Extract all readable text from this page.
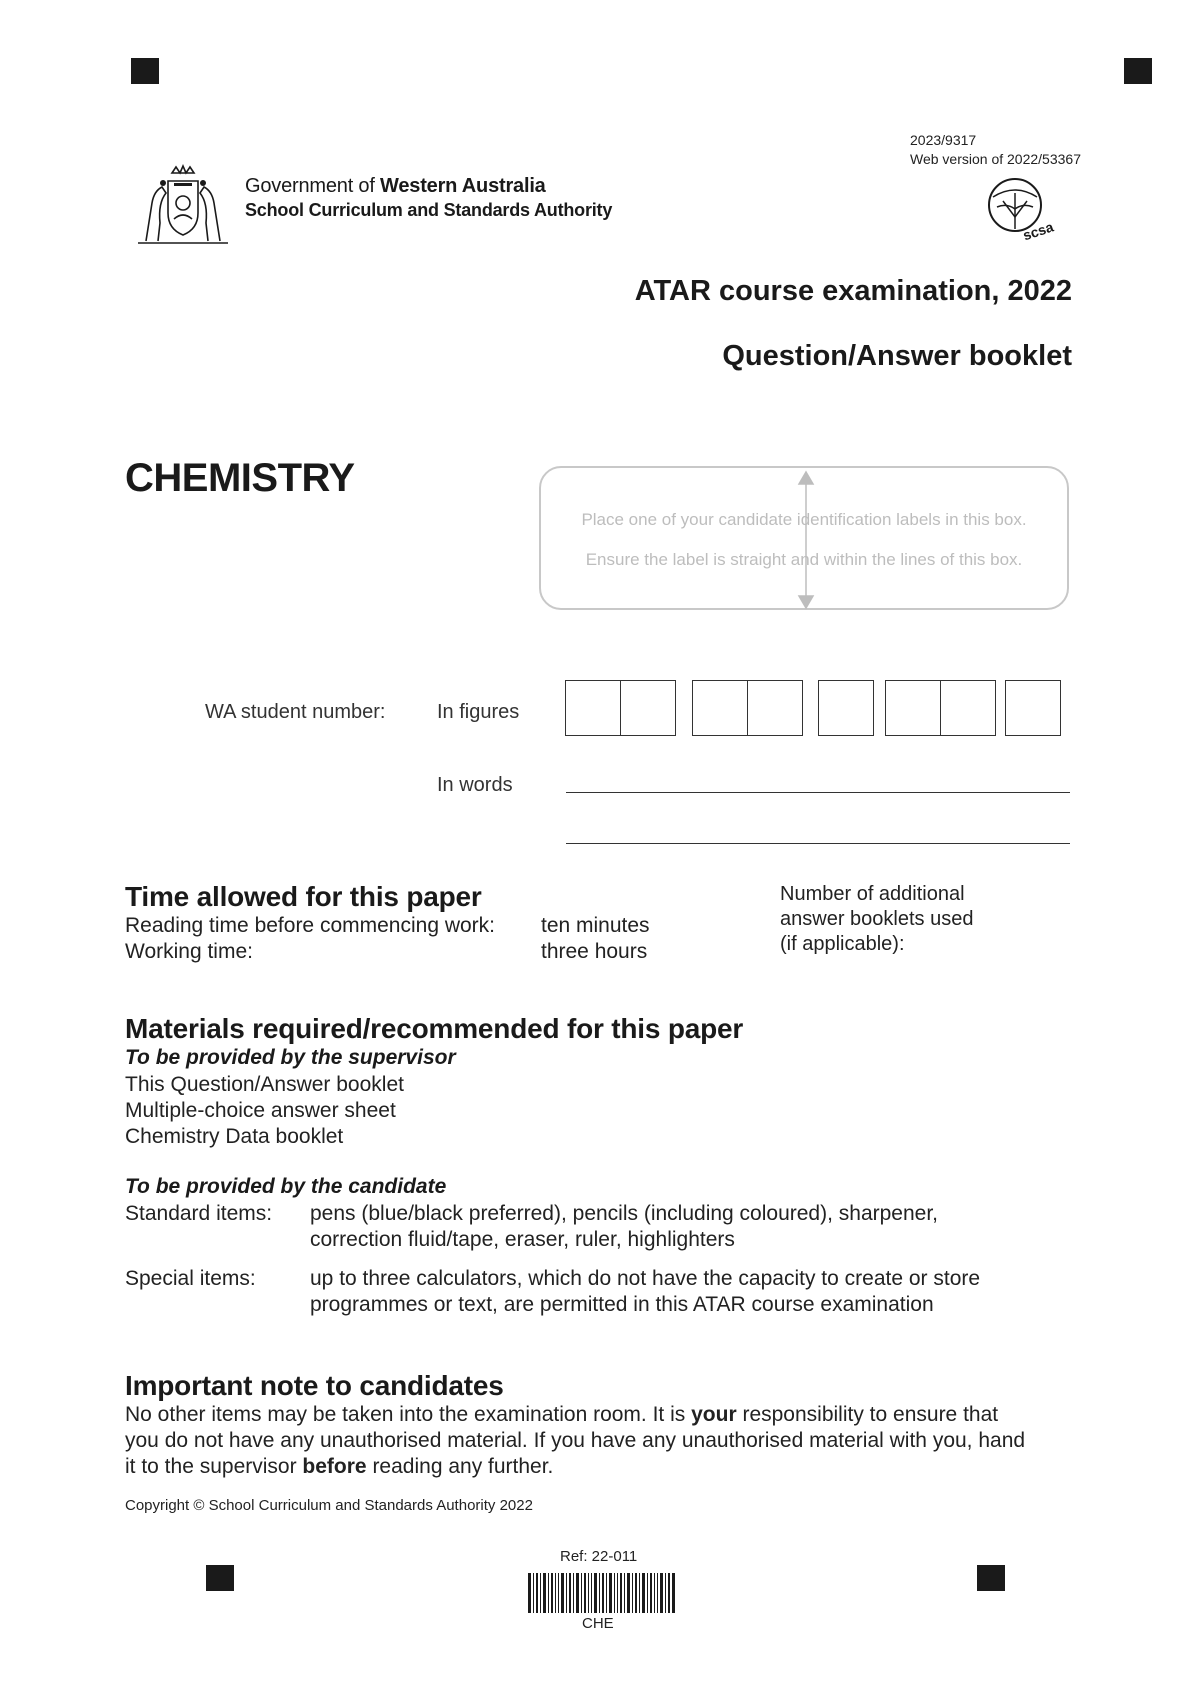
2023/9317
Web version of 2022/53367
Government of Western Australia
School Curriculum and Standards Authority
scsa
ATAR course examination, 2022
Question/Answer booklet
CHEMISTRY
Place one of your candidate identification labels in this box.
Ensure the label is straight and within the lines of this box.
WA student number:	In figures
In words
Time allowed for this paper
Reading time before commencing work: ten minutes
Working time:	three hours
Number of additional
answer booklets used
(if applicable):
Materials required/recommended for this paper
To be provided by the supervisor
This Question/Answer booklet
Multiple-choice answer sheet
Chemistry Data booklet
To be provided by the candidate
Standard items: pens (blue/black preferred), pencils (including coloured), sharpener,
correction fluid/tape, eraser, ruler, highlighters
Special items:	up to three calculators, which do not have the capacity to create or store
programmes or text, are permitted in this ATAR course examination
Important note to candidates
No other items may be taken into the examination room. It is your responsibility to ensure that
you do not have any unauthorised material. If you have any unauthorised material with you, hand
it to the supervisor before reading any further.
Copyright © School Curriculum and Standards Authority 2022
Ref: 22-011
CHE
